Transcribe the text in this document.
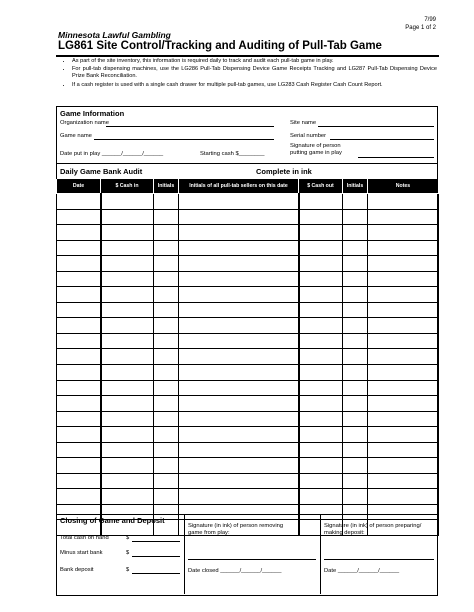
7/99
Page 1 of 2
Minnesota Lawful Gambling
LG861 Site Control/Tracking and Auditing of Pull-Tab Game
• As part of the site inventory, this information is required daily to track and audit each pull-tab game in play.
• For pull-tab dispensing machines, use the LG286 Pull-Tab Dispensing Device Game Receipts Tracking and LG287 Pull-Tab Dispensing Device Prize Bank Reconciliation.
• If a cash register is used with a single cash drawer for multiple pull-tab games, use LG283 Cash Register Cash Count Report.
Game Information
Organization name	Site name
Game name	Serial number
Date put in play ______/______/______	Starting cash $________
Signature of person
putting game in play
Daily Game Bank Audit	Complete in ink
Date	$ Cash in	Initials	Initials of all pull-tab sellers on this date	$ Cash out	Initials	Notes

Closing of Game and Deposit
Total cash on hand	$
Minus start bank	$
Bank deposit	$
Signature (in ink) of person removing
game from play:
Date closed ______/______/______
Signature (in ink) of person preparing/
making deposit:
Date ______/______/______
